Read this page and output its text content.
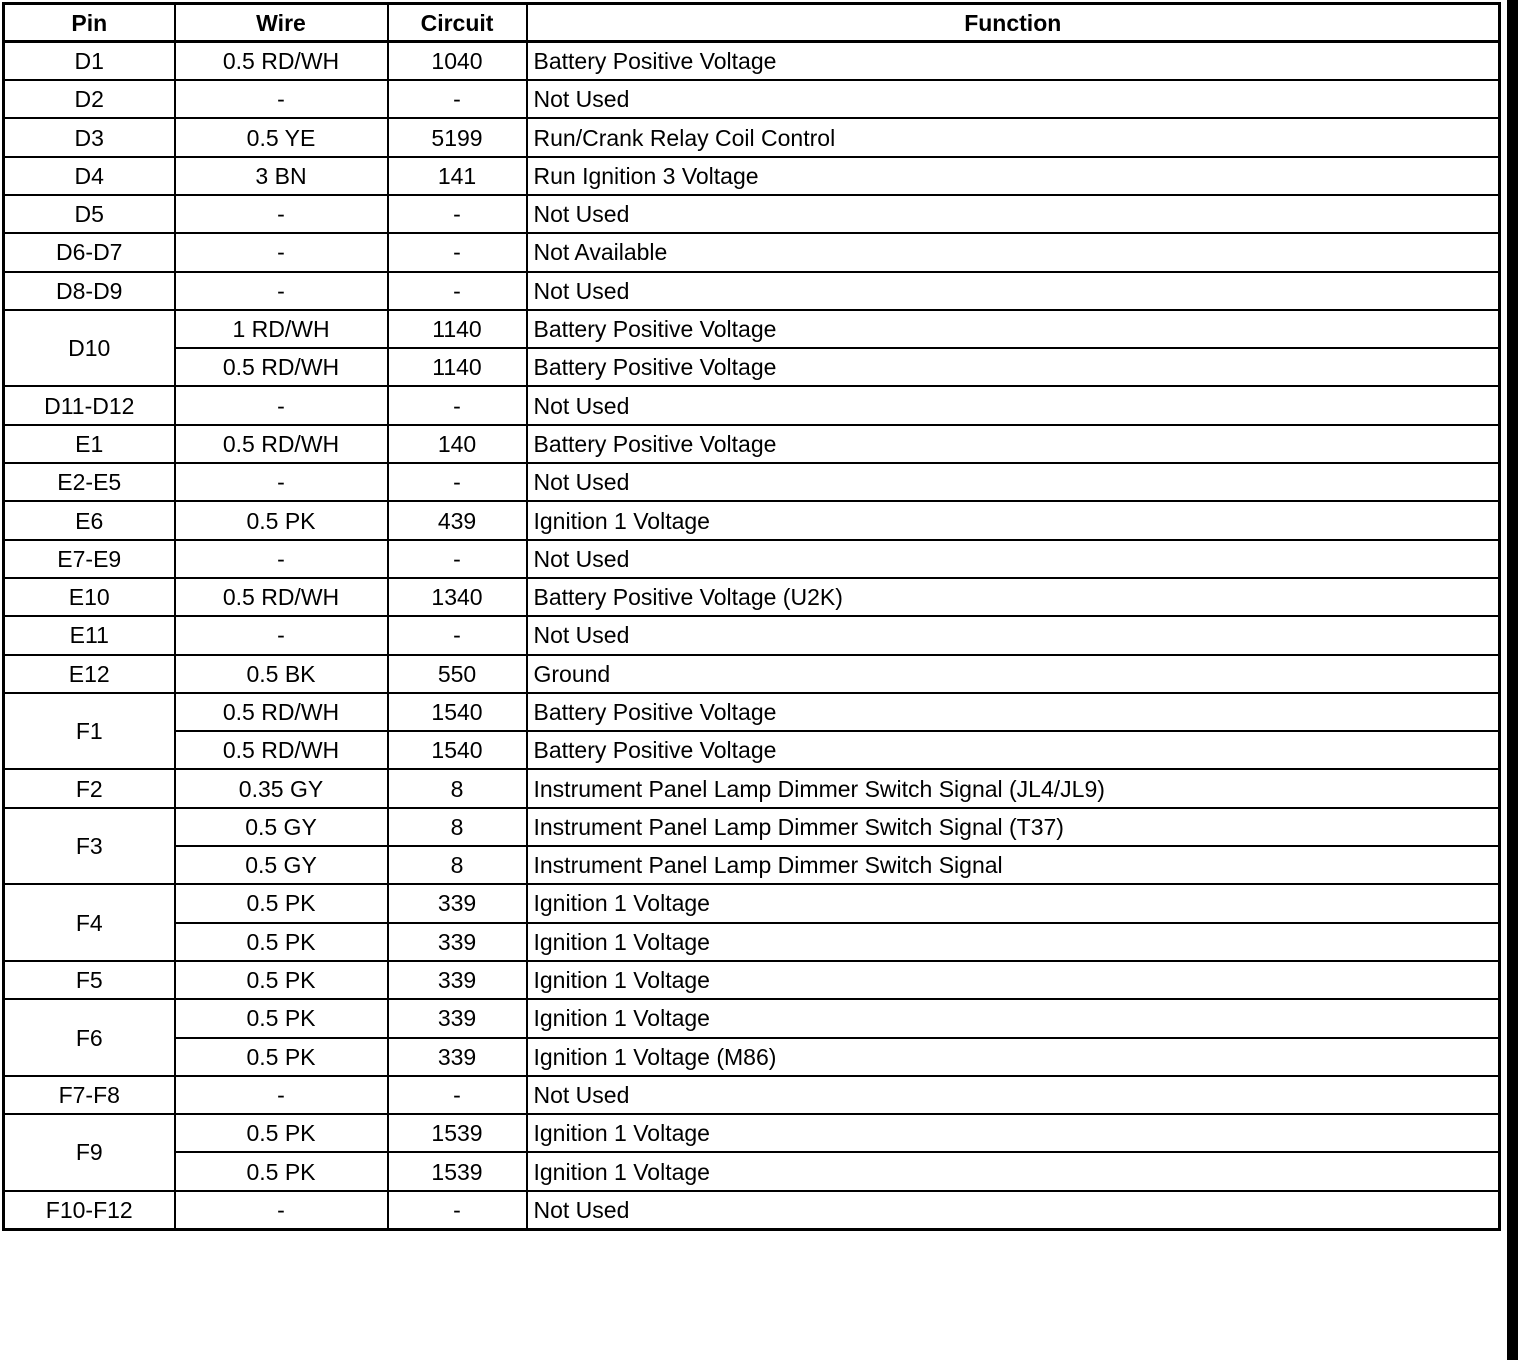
Pin	Wire	Circuit	Function
D1	0.5 RD/WH	1040	Battery Positive Voltage
D2	-	-	Not Used
D3	0.5 YE	5199	Run/Crank Relay Coil Control
D4	3 BN	141	Run Ignition 3 Voltage
D5	-	-	Not Used
D6-D7	-	-	Not Available
D8-D9	-	-	Not Used
D10	1 RD/WH	1140	Battery Positive Voltage
	0.5 RD/WH	1140	Battery Positive Voltage
D11-D12	-	-	Not Used
E1	0.5 RD/WH	140	Battery Positive Voltage
E2-E5	-	-	Not Used
E6	0.5 PK	439	Ignition 1 Voltage
E7-E9	-	-	Not Used
E10	0.5 RD/WH	1340	Battery Positive Voltage (U2K)
E11	-	-	Not Used
E12	0.5 BK	550	Ground
F1	0.5 RD/WH	1540	Battery Positive Voltage
	0.5 RD/WH	1540	Battery Positive Voltage
F2	0.35 GY	8	Instrument Panel Lamp Dimmer Switch Signal (JL4/JL9)
F3	0.5 GY	8	Instrument Panel Lamp Dimmer Switch Signal (T37)
	0.5 GY	8	Instrument Panel Lamp Dimmer Switch Signal
F4	0.5 PK	339	Ignition 1 Voltage
	0.5 PK	339	Ignition 1 Voltage
F5	0.5 PK	339	Ignition 1 Voltage
F6	0.5 PK	339	Ignition 1 Voltage
	0.5 PK	339	Ignition 1 Voltage (M86)
F7-F8	-	-	Not Used
F9	0.5 PK	1539	Ignition 1 Voltage
	0.5 PK	1539	Ignition 1 Voltage
F10-F12	-	-	Not Used
